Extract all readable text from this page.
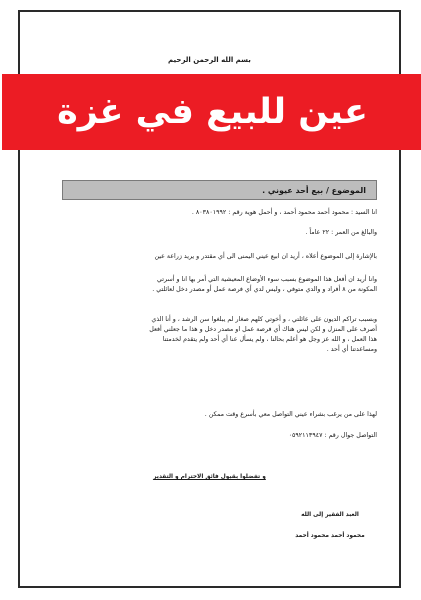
بسم الله الرحمن الرحيم
عين للبيع في غزة
الموضوع / بيع أحد عيوني .
انا السيد : محمود أحمد محمود أحمد ، و أحمل هوية رقم : ٨٠٣٨٠١٩٩٢ .
والبالغ من العمر : ٢٢ عاماً .
بالإشارة إلى الموضوع أعلاه ، أريد ان ابيع عيني اليمنى الى أي مقتدر و يريد زراعة عين
وانا أريد ان أفعل هذا الموضوع بسبب سوء الأوضاع المعيشية التي أمر بها انا و أسرتي
المكونة من ٨ أفراد و والدي متوفي ، وليس لدي أي فرصة عمل أو مصدر دخل لعائلتي .
وبسبب تراكم الديون على عائلتي ، و أخوتي كلهم صغار لم يبلغوا سن الرشد ، و أنا الذي
أصرف على المنزل و لكن ليس هناك أي فرصة عمل او مصدر دخل و هذا ما جعلني أفعل
هذا العمل ، و الله عز وجل هو أعلم بحالنا ، ولم يسأل عنا أي أحد ولم يتقدم لخدمتنا
ومساعدتنا أي أحد .
لهذا على من يرغب بشراء عيني التواصل معي بأسرع وقت ممكن .
التواصل جوال رقم : ٠٥٩٢١١٣٩٤٧
و تفضلوا بقبول فائق الاحترام و التقدير
العبد الفقير إلى الله
محمود أحمد محمود أحمد
